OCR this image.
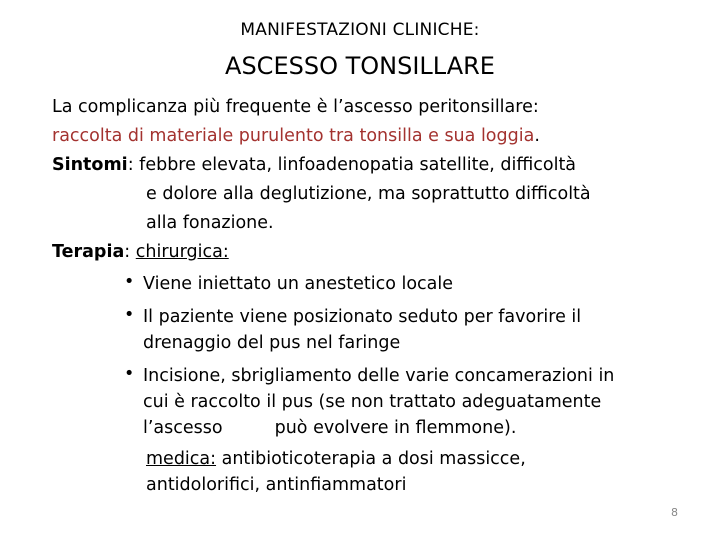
MANIFESTAZIONI CLINICHE:
ASCESSO TONSILLARE
La complicanza più frequente è l’ascesso peritonsillare:
raccolta di materiale purulento tra tonsilla e sua loggia.
Sintomi: febbre elevata, linfoadenopatia satellite, difficoltà
e dolore alla deglutizione, ma soprattutto difficoltà
alla fonazione.
Terapia: chirurgica:
• Viene iniettato un anestetico locale
• Il paziente viene posizionato seduto per favorire il
drenaggio del pus nel faringe
• Incisione, sbrigliamento delle varie concamerazioni in
cui è raccolto il pus (se non trattato adeguatamente
l’ascesso	può evolvere in flemmone).
medica: antibioticoterapia a dosi massicce,
antidolorifici, antinfiammatori
8
